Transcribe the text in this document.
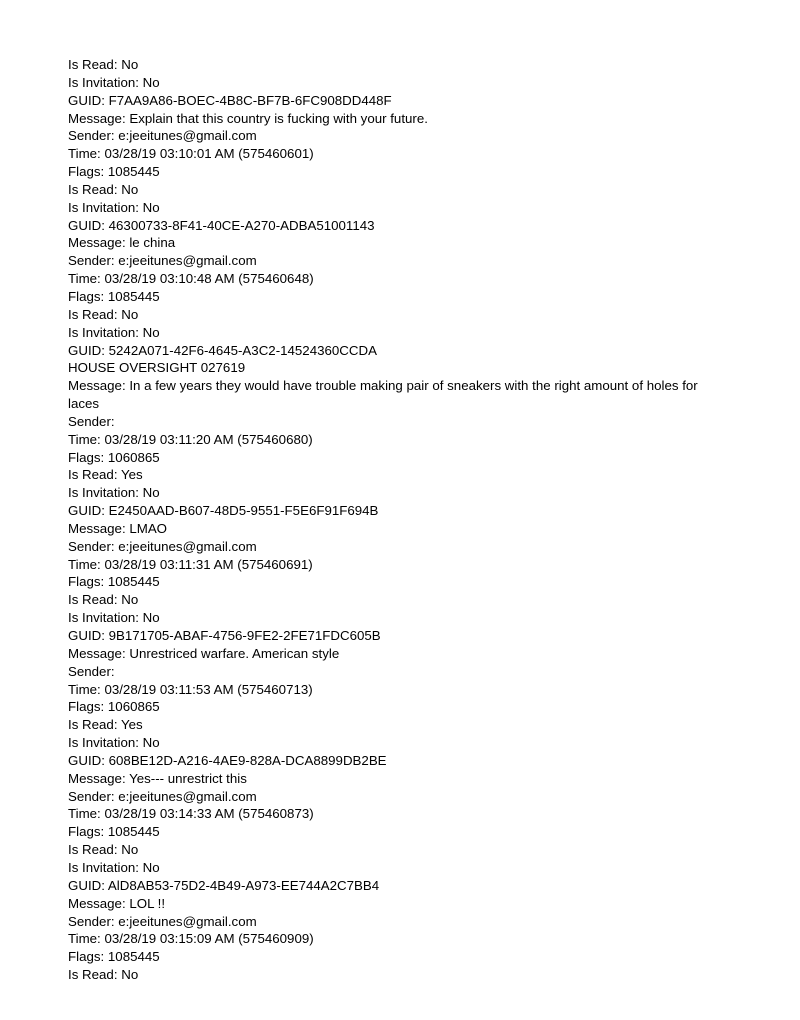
Is Read: No
Is Invitation: No
GUID: F7AA9A86-BOEC-4B8C-BF7B-6FC908DD448F
Message: Explain that this country is fucking with your future.
Sender: e:jeeitunes@gmail.com
Time: 03/28/19 03:10:01 AM (575460601)
Flags: 1085445
Is Read: No
Is Invitation: No
GUID: 46300733-8F41-40CE-A270-ADBA51001143
Message: le china
Sender: e:jeeitunes@gmail.com
Time: 03/28/19 03:10:48 AM (575460648)
Flags: 1085445
Is Read: No
Is Invitation: No
GUID: 5242A071-42F6-4645-A3C2-14524360CCDA
HOUSE OVERSIGHT 027619
Message: In a few years they would have trouble making pair of sneakers with the right amount of holes for laces
Sender:
Time: 03/28/19 03:11:20 AM (575460680)
Flags: 1060865
Is Read: Yes
Is Invitation: No
GUID: E2450AAD-B607-48D5-9551-F5E6F91F694B
Message: LMAO
Sender: e:jeeitunes@gmail.com
Time: 03/28/19 03:11:31 AM (575460691)
Flags: 1085445
Is Read: No
Is Invitation: No
GUID: 9B171705-ABAF-4756-9FE2-2FE71FDC605B
Message: Unrestriced warfare. American style
Sender:
Time: 03/28/19 03:11:53 AM (575460713)
Flags: 1060865
Is Read: Yes
Is Invitation: No
GUID: 608BE12D-A216-4AE9-828A-DCA8899DB2BE
Message: Yes--- unrestrict this
Sender: e:jeeitunes@gmail.com
Time: 03/28/19 03:14:33 AM (575460873)
Flags: 1085445
Is Read: No
Is Invitation: No
GUID: AlD8AB53-75D2-4B49-A973-EE744A2C7BB4
Message: LOL !!
Sender: e:jeeitunes@gmail.com
Time: 03/28/19 03:15:09 AM (575460909)
Flags: 1085445
Is Read: No
